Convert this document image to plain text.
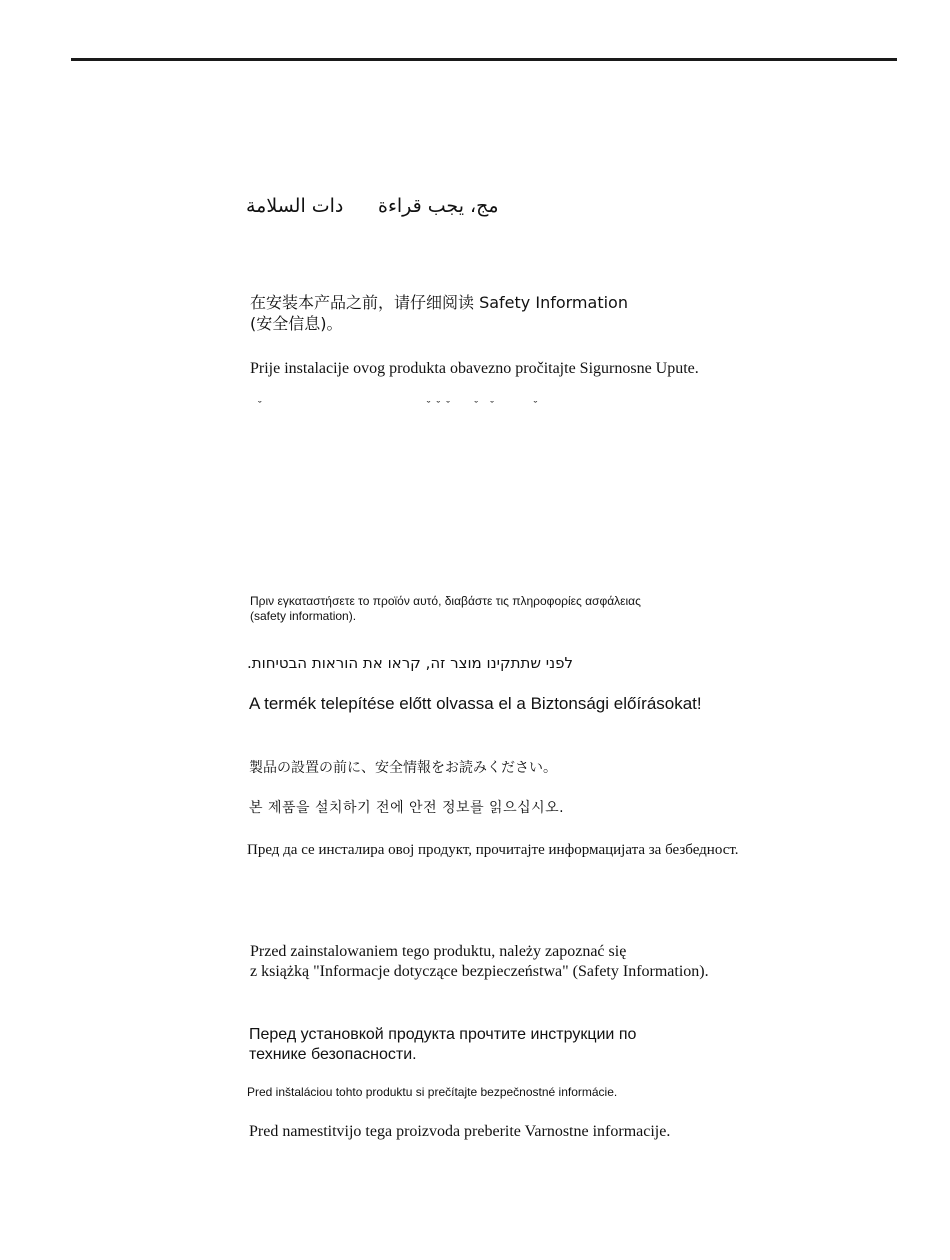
دات السلامة مج، يجب قراءة
在安装本产品之前，请仔细阅读 Safety Information
(安全信息)。
Prije instalacije ovog produkta obavezno pročitajte Sigurnosne Upute.
ˇ                                                      ˇ  ˇ  ˇ        ˇ    ˇ             ˇ
Πριν εγκαταστήσετε το προϊόν αυτό, διαβάστε τις πληροφορίες ασφάλειας
(safety information).
לפני שתתקינו מוצר זה, קראו את הוראות הבטיחות.
A termék telepítése előtt olvassa el a Biztonsági előírásokat!
製品の設置の前に、安全情報をお読みください。
본 제품을 설치하기 전에 안전 정보를 읽으십시오.
Пред да се инсталира овој продукт, прочитајте информацијата за безбедност.
Przed zainstalowaniem tego produktu, należy zapoznać się
z książką "Informacje dotyczące bezpieczeństwa" (Safety Information).
Перед установкой продукта прочтите инструкции по
технике безопасности.
Pred inštaláciou tohto produktu si prečítajte bezpečnostné informácie.
Pred namestitvijo tega proizvoda preberite Varnostne informacije.
